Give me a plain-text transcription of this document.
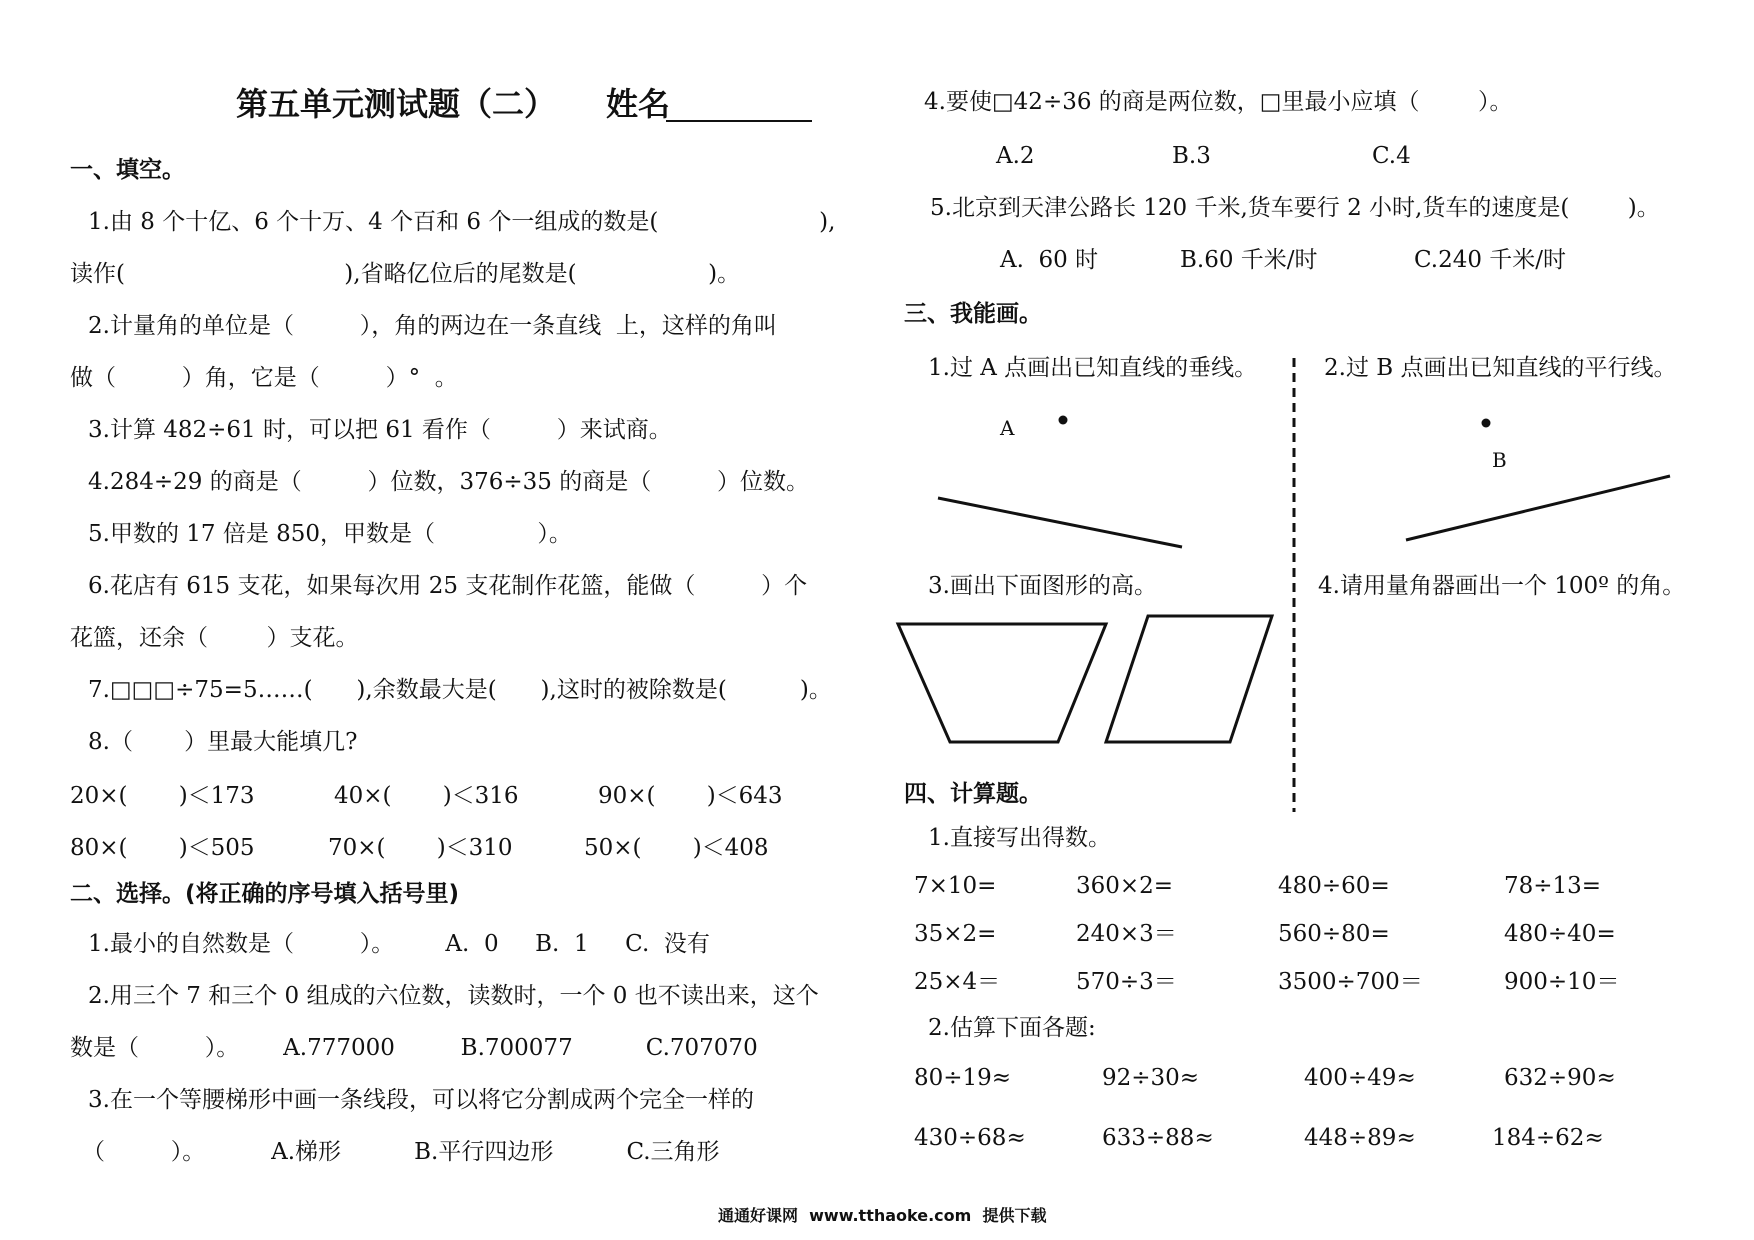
第五单元测试题（二） 姓名
一、填空。
1.由 8 个十亿、6 个十万、4 个百和 6 个一组成的数是(                      ),
读作(                              ),省略亿位后的尾数是(                  )。
2.计量角的单位是（         ），角的两边在一条直线  上，这样的角叫
做（         ）角，它是（         ）°  。
3.计算 482÷61 时，可以把 61 看作（         ）来试商。
4.284÷29 的商是（         ）位数，376÷35 的商是（         ）位数。
5.甲数的 17 倍是 850，甲数是（              ）。
6.花店有 615 支花，如果每次用 25 支花制作花篮，能做（         ）个
花篮，还余（        ）支花。
7.□□□÷75=5……(      ),余数最大是(      ),这时的被除数是(          )。
8.（       ）里最大能填几?
20×(       )＜173	40×(       )＜316	90×(       )＜643
80×(       )＜505	70×(       )＜310	50×(       )＜408
二、选择。(将正确的序号填入括号里)
1.最小的自然数是（         ）。       A.  0     B.  1     C.  没有
2.用三个 7 和三个 0 组成的六位数，读数时，一个 0 也不读出来，这个
数是（         ）。      A.777000         B.700077          C.707070
3.在一个等腰梯形中画一条线段，可以将它分割成两个完全一样的
（         ）。         A.梯形          B.平行四边形          C.三角形
4.要使□42÷36 的商是两位数，□里最小应填（        ）。
A.2	B.3	C.4
5.北京到天津公路长 120 千米,货车要行 2 小时,货车的速度是(        )。
A.  60 时	B.60 千米/时	C.240 千米/时
三、我能画。
1.过 A 点画出已知直线的垂线。	2.过 B 点画出已知直线的平行线。
A
B
3.画出下面图形的高。	4.请用量角器画出一个 100º 的角。
四、计算题。
1.直接写出得数。
7×10=	360×2=	480÷60=	78÷13=
35×2=	240×3＝	560÷80=	480÷40=
25×4＝	570÷3＝	3500÷700＝	900÷10＝
2.估算下面各题:
80÷19≈	92÷30≈	400÷49≈	632÷90≈
430÷68≈	633÷88≈	448÷89≈	184÷62≈
通通好课网  www.tthaoke.com  提供下载
